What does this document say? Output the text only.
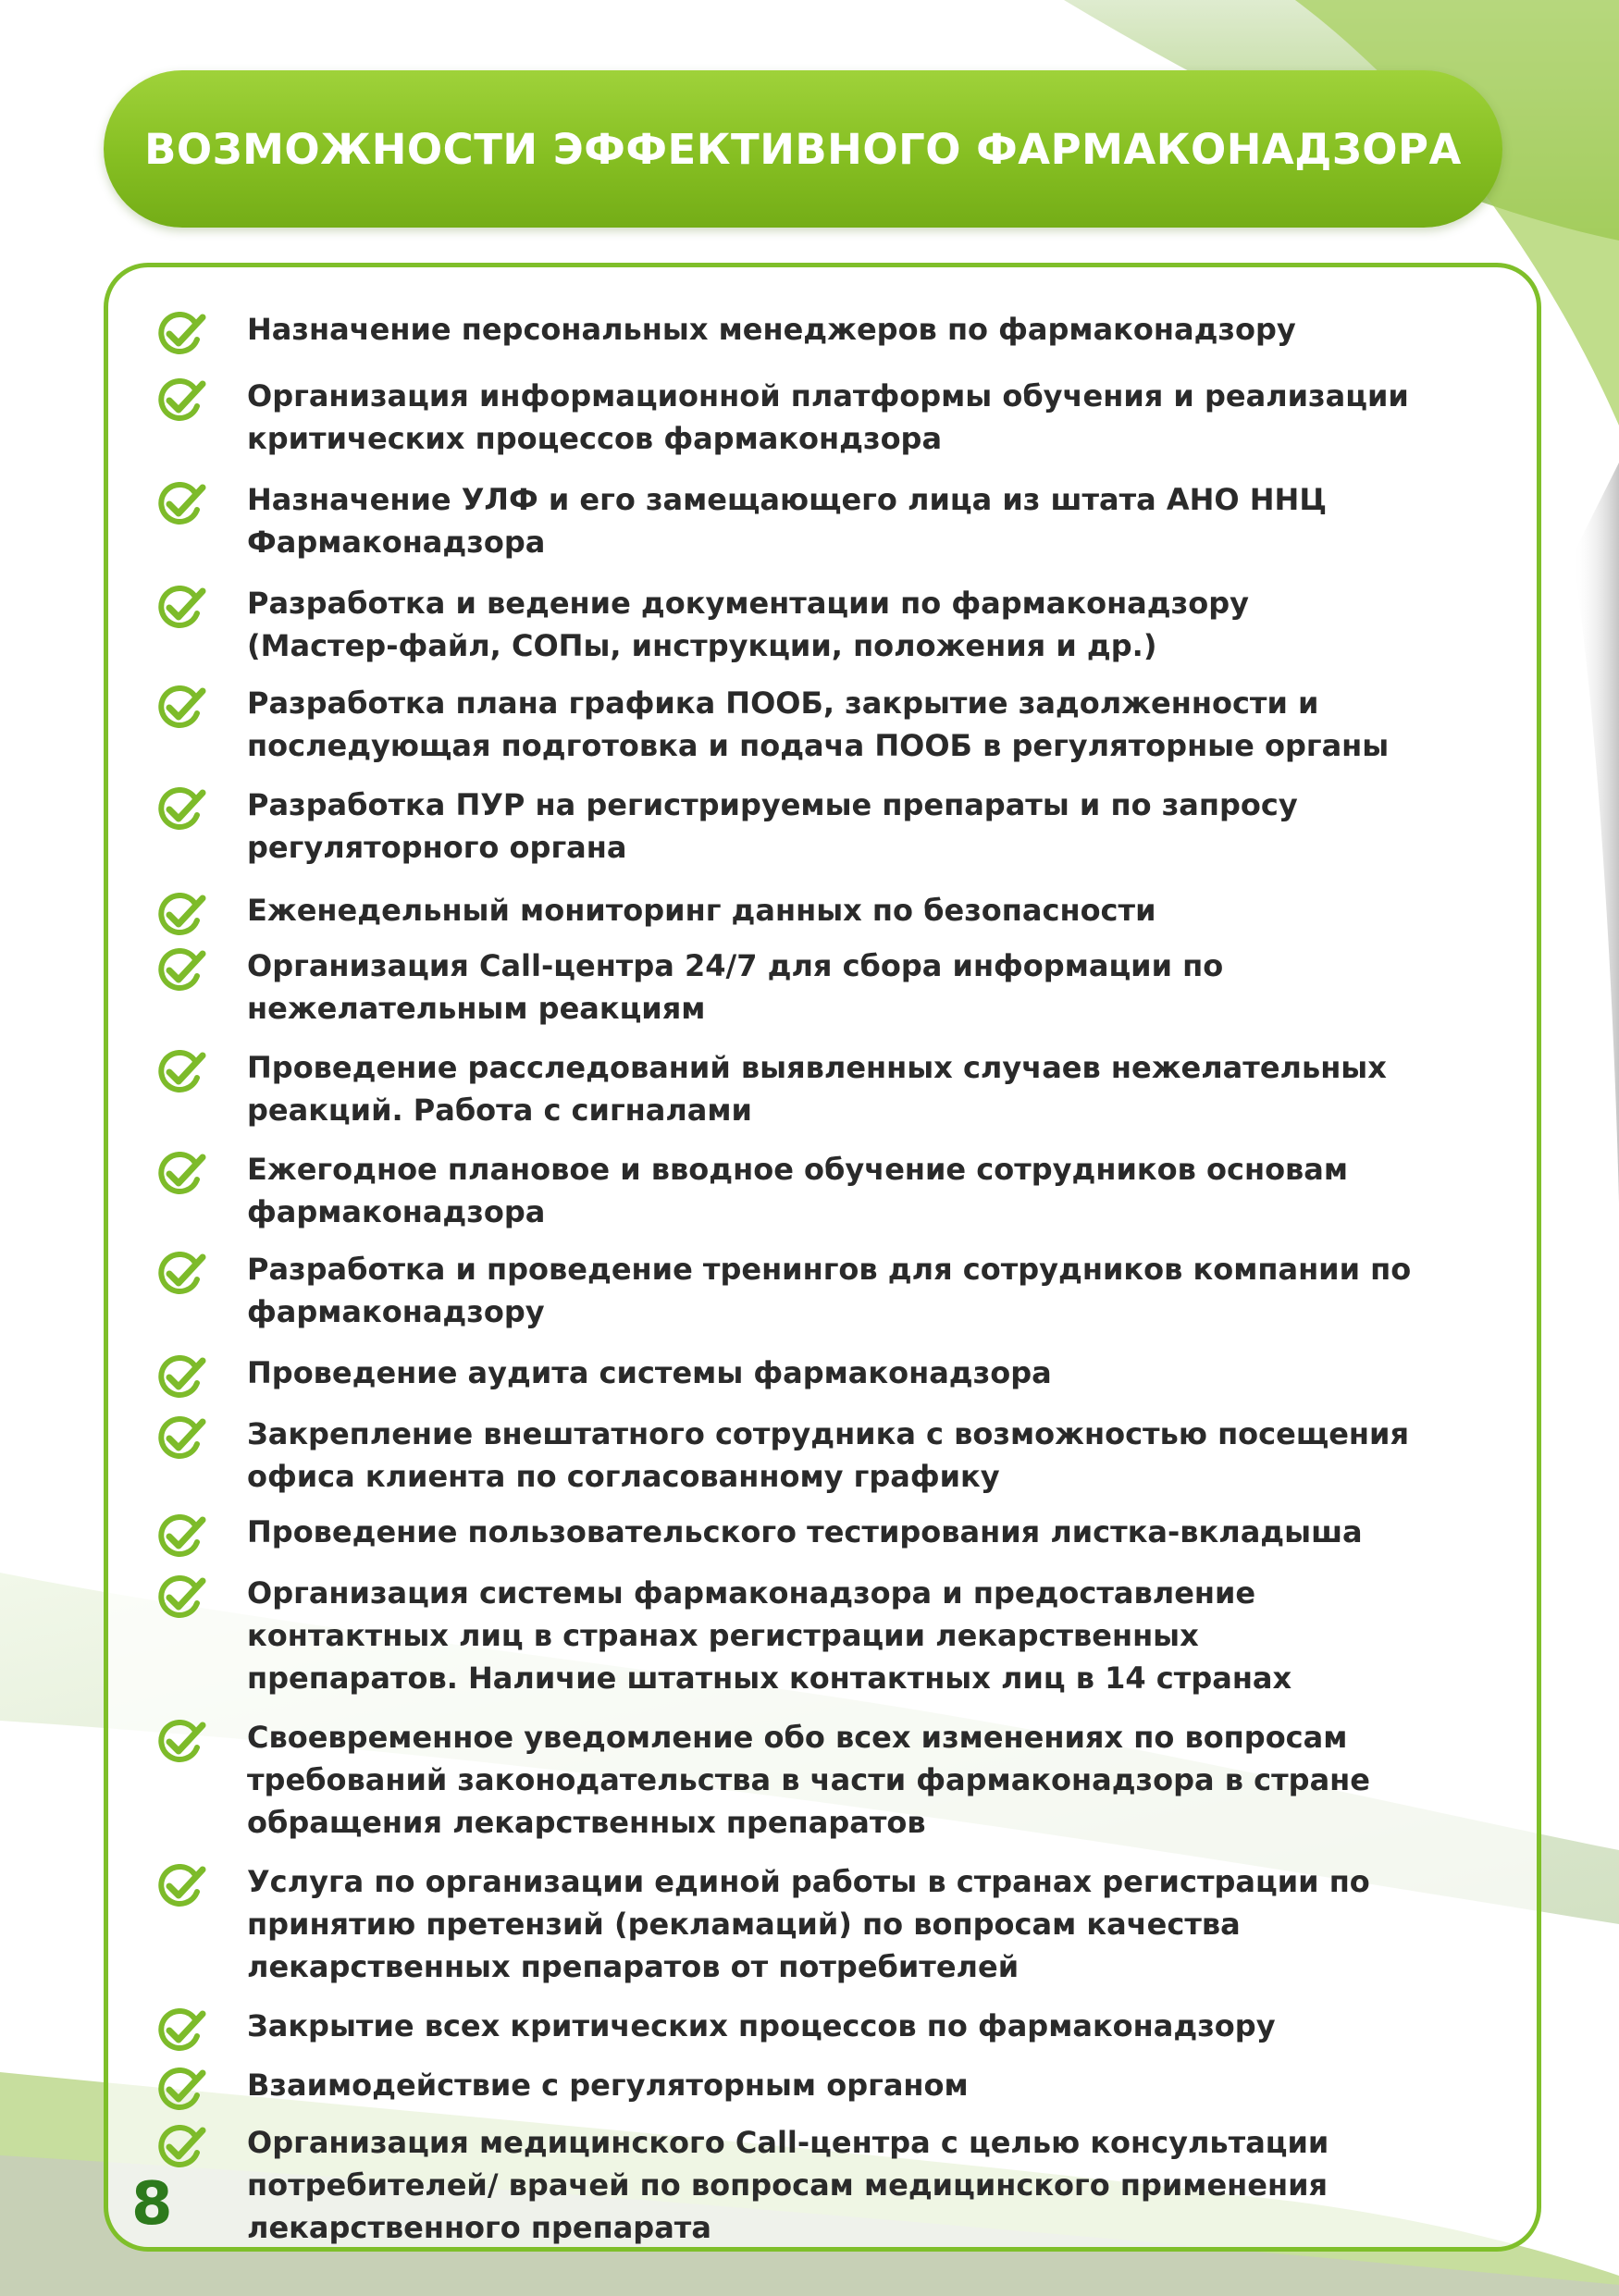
ВОЗМОЖНОСТИ ЭФФЕКТИВНОГО ФАРМАКОНАДЗОРА
Назначение персональных менеджеров по фармаконадзору
Организация информационной платформы обучения и реализации
критических процессов фармакондзора
Назначение УЛФ и его замещающего лица из штата АНО ННЦ
Фармаконадзора
Разработка и ведение документации по фармаконадзору
(Мастер-файл, СОПы, инструкции, положения и др.)
Разработка плана графика ПООБ, закрытие задолженности и
последующая подготовка и подача ПООБ в регуляторные органы
Разработка ПУР на регистрируемые препараты и по запросу
регуляторного органа
Еженедельный мониторинг данных по безопасности
Организация Call-центра 24/7 для сбора информации по
нежелательным реакциям
Проведение расследований выявленных случаев нежелательных
реакций. Работа с сигналами
Ежегодное плановое и вводное обучение сотрудников основам
фармаконадзора
Разработка и проведение тренингов для сотрудников компании по
фармаконадзору
Проведение аудита системы фармаконадзора
Закрепление внештатного сотрудника с возможностью посещения
офиса клиента по согласованному графику
Проведение пользовательского тестирования листка-вкладыша
Организация системы фармаконадзора и предоставление
контактных лиц в странах регистрации лекарственных
препаратов. Наличие штатных контактных лиц в 14 странах
Своевременное уведомление обо всех изменениях по вопросам
требований законодательства в части фармаконадзора в стране
обращения лекарственных препаратов
Услуга по организации единой работы в странах регистрации по
принятию претензий (рекламаций) по вопросам качества
лекарственных препаратов от потребителей
Закрытие всех критических процессов по фармаконадзору
Взаимодействие с регуляторным органом
Организация медицинского Call-центра с целью консультации
потребителей/ врачей по вопросам медицинского применения
лекарственного препарата
8
